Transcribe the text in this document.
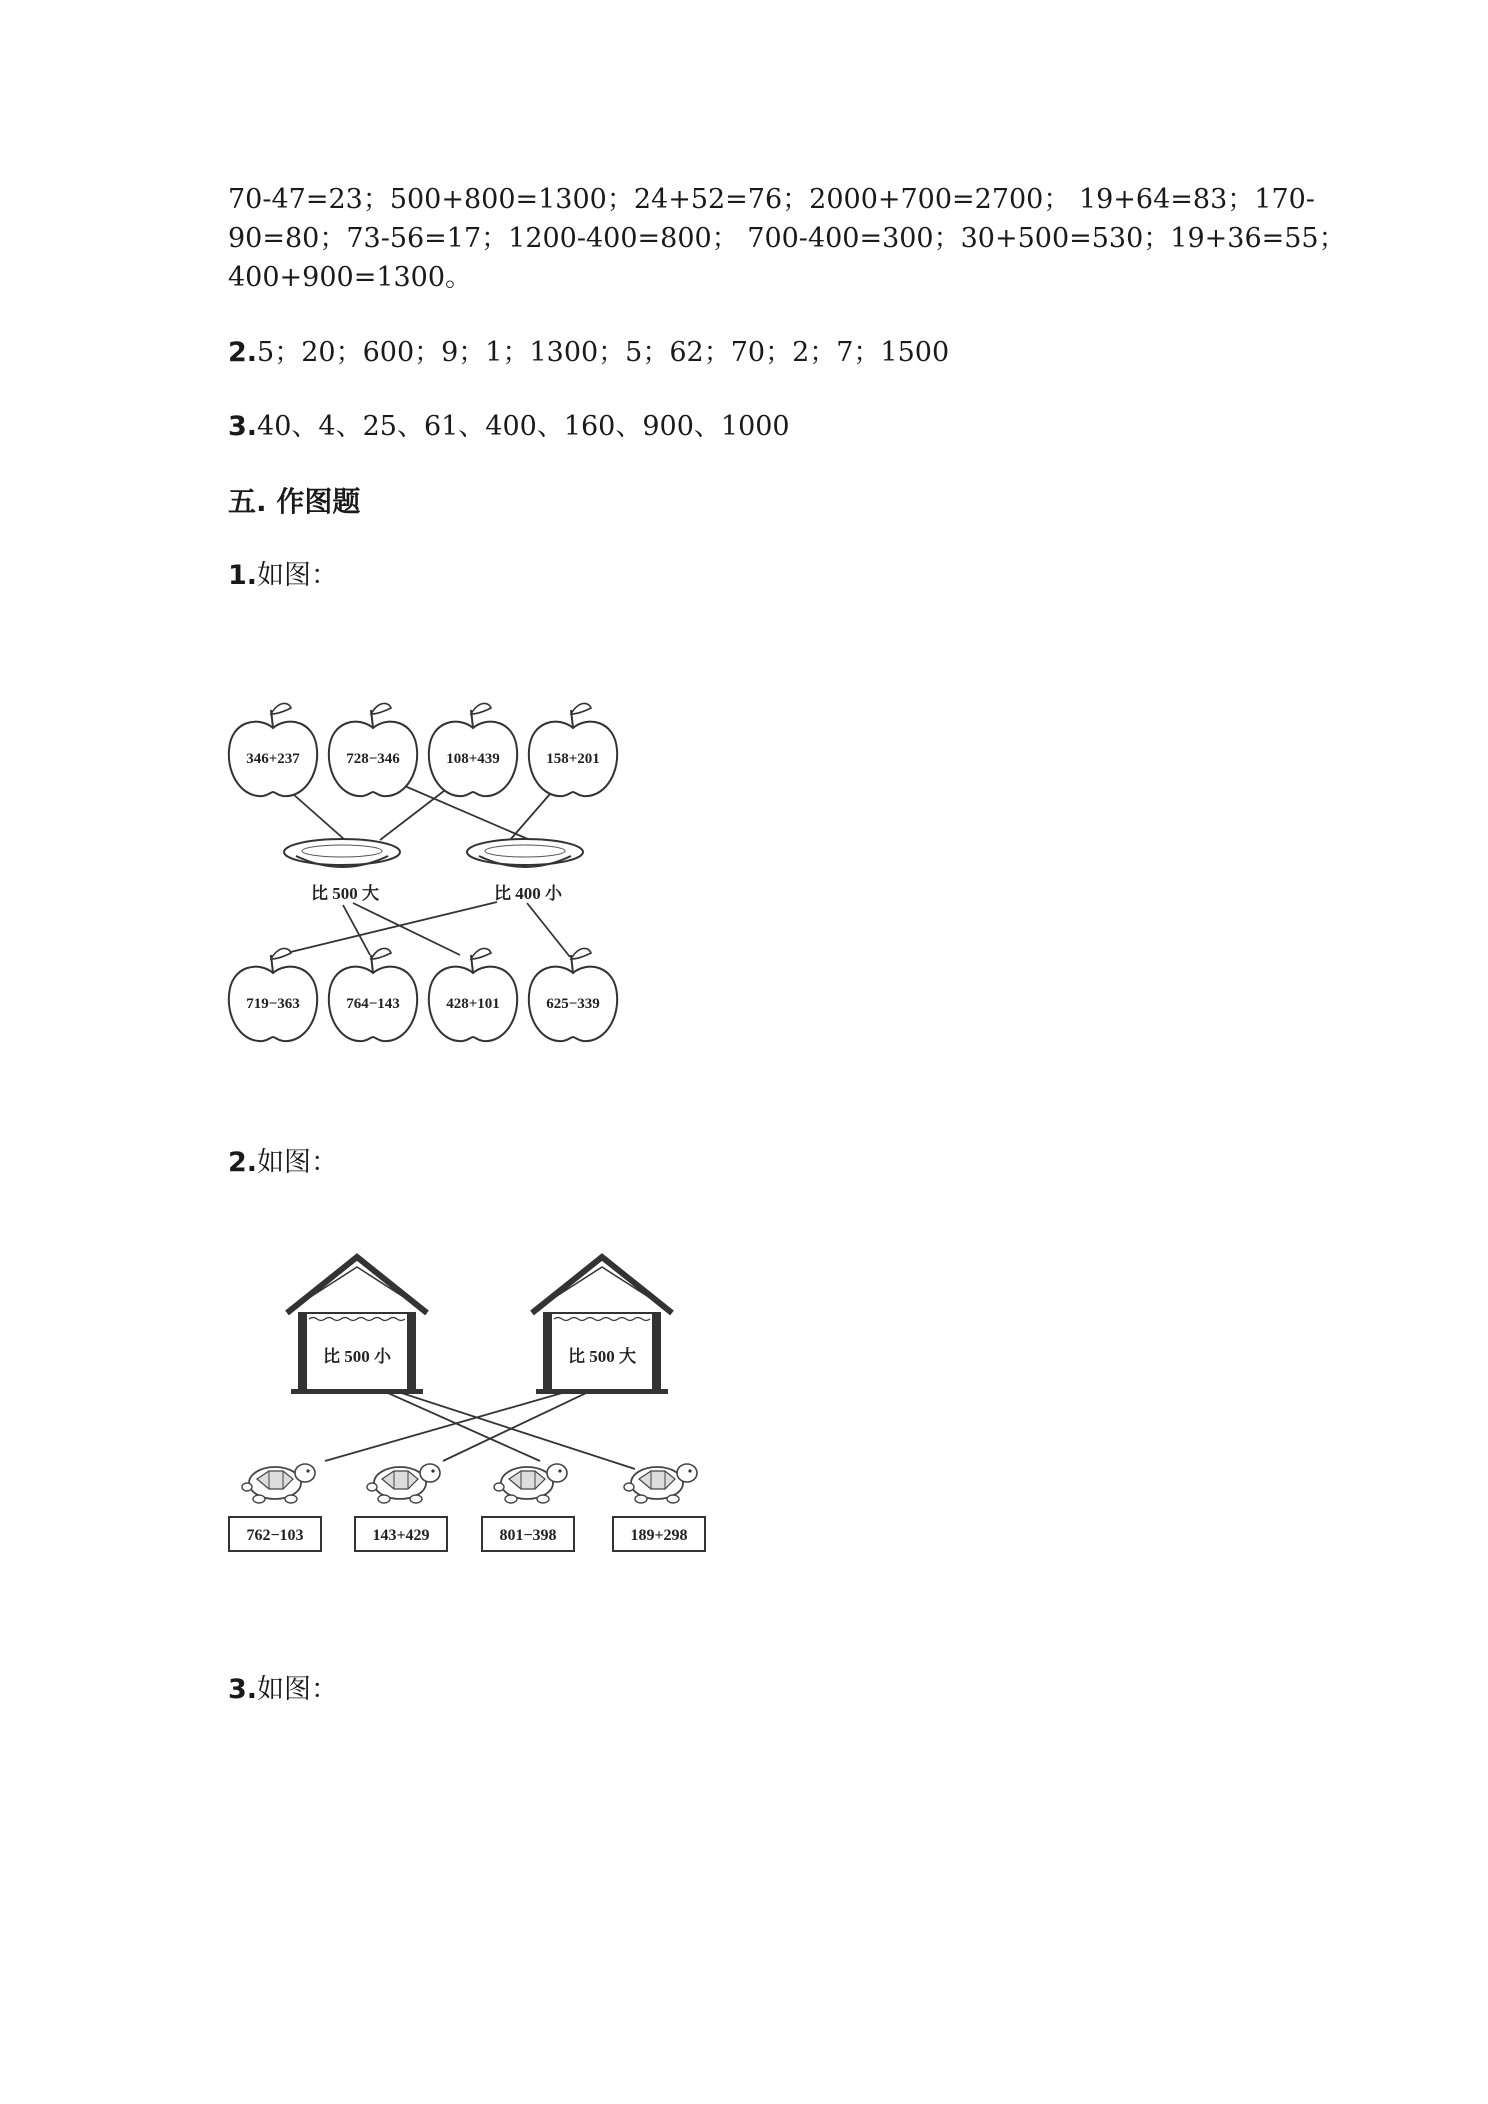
70-47=23；500+800=1300；24+52=76；2000+700=2700； 19+64=83；170-

90=80；73-56=17；1200-400=800； 700-400=300；30+500=530；19+36=55；

400+900=1300。

2.5；20；600；9；1；1300；5；62；70；2；7；1500

3.40、4、25、61、400、160、900、1000

五. 作图题

1.如图：

346+237	728−346	108+439	158+201
比 500 大	比 400 小
719−363	764−143	428+101	625−339

2.如图：

比 500 小	比 500 大
762−103	143+429	801−398	189+298

3.如图：
